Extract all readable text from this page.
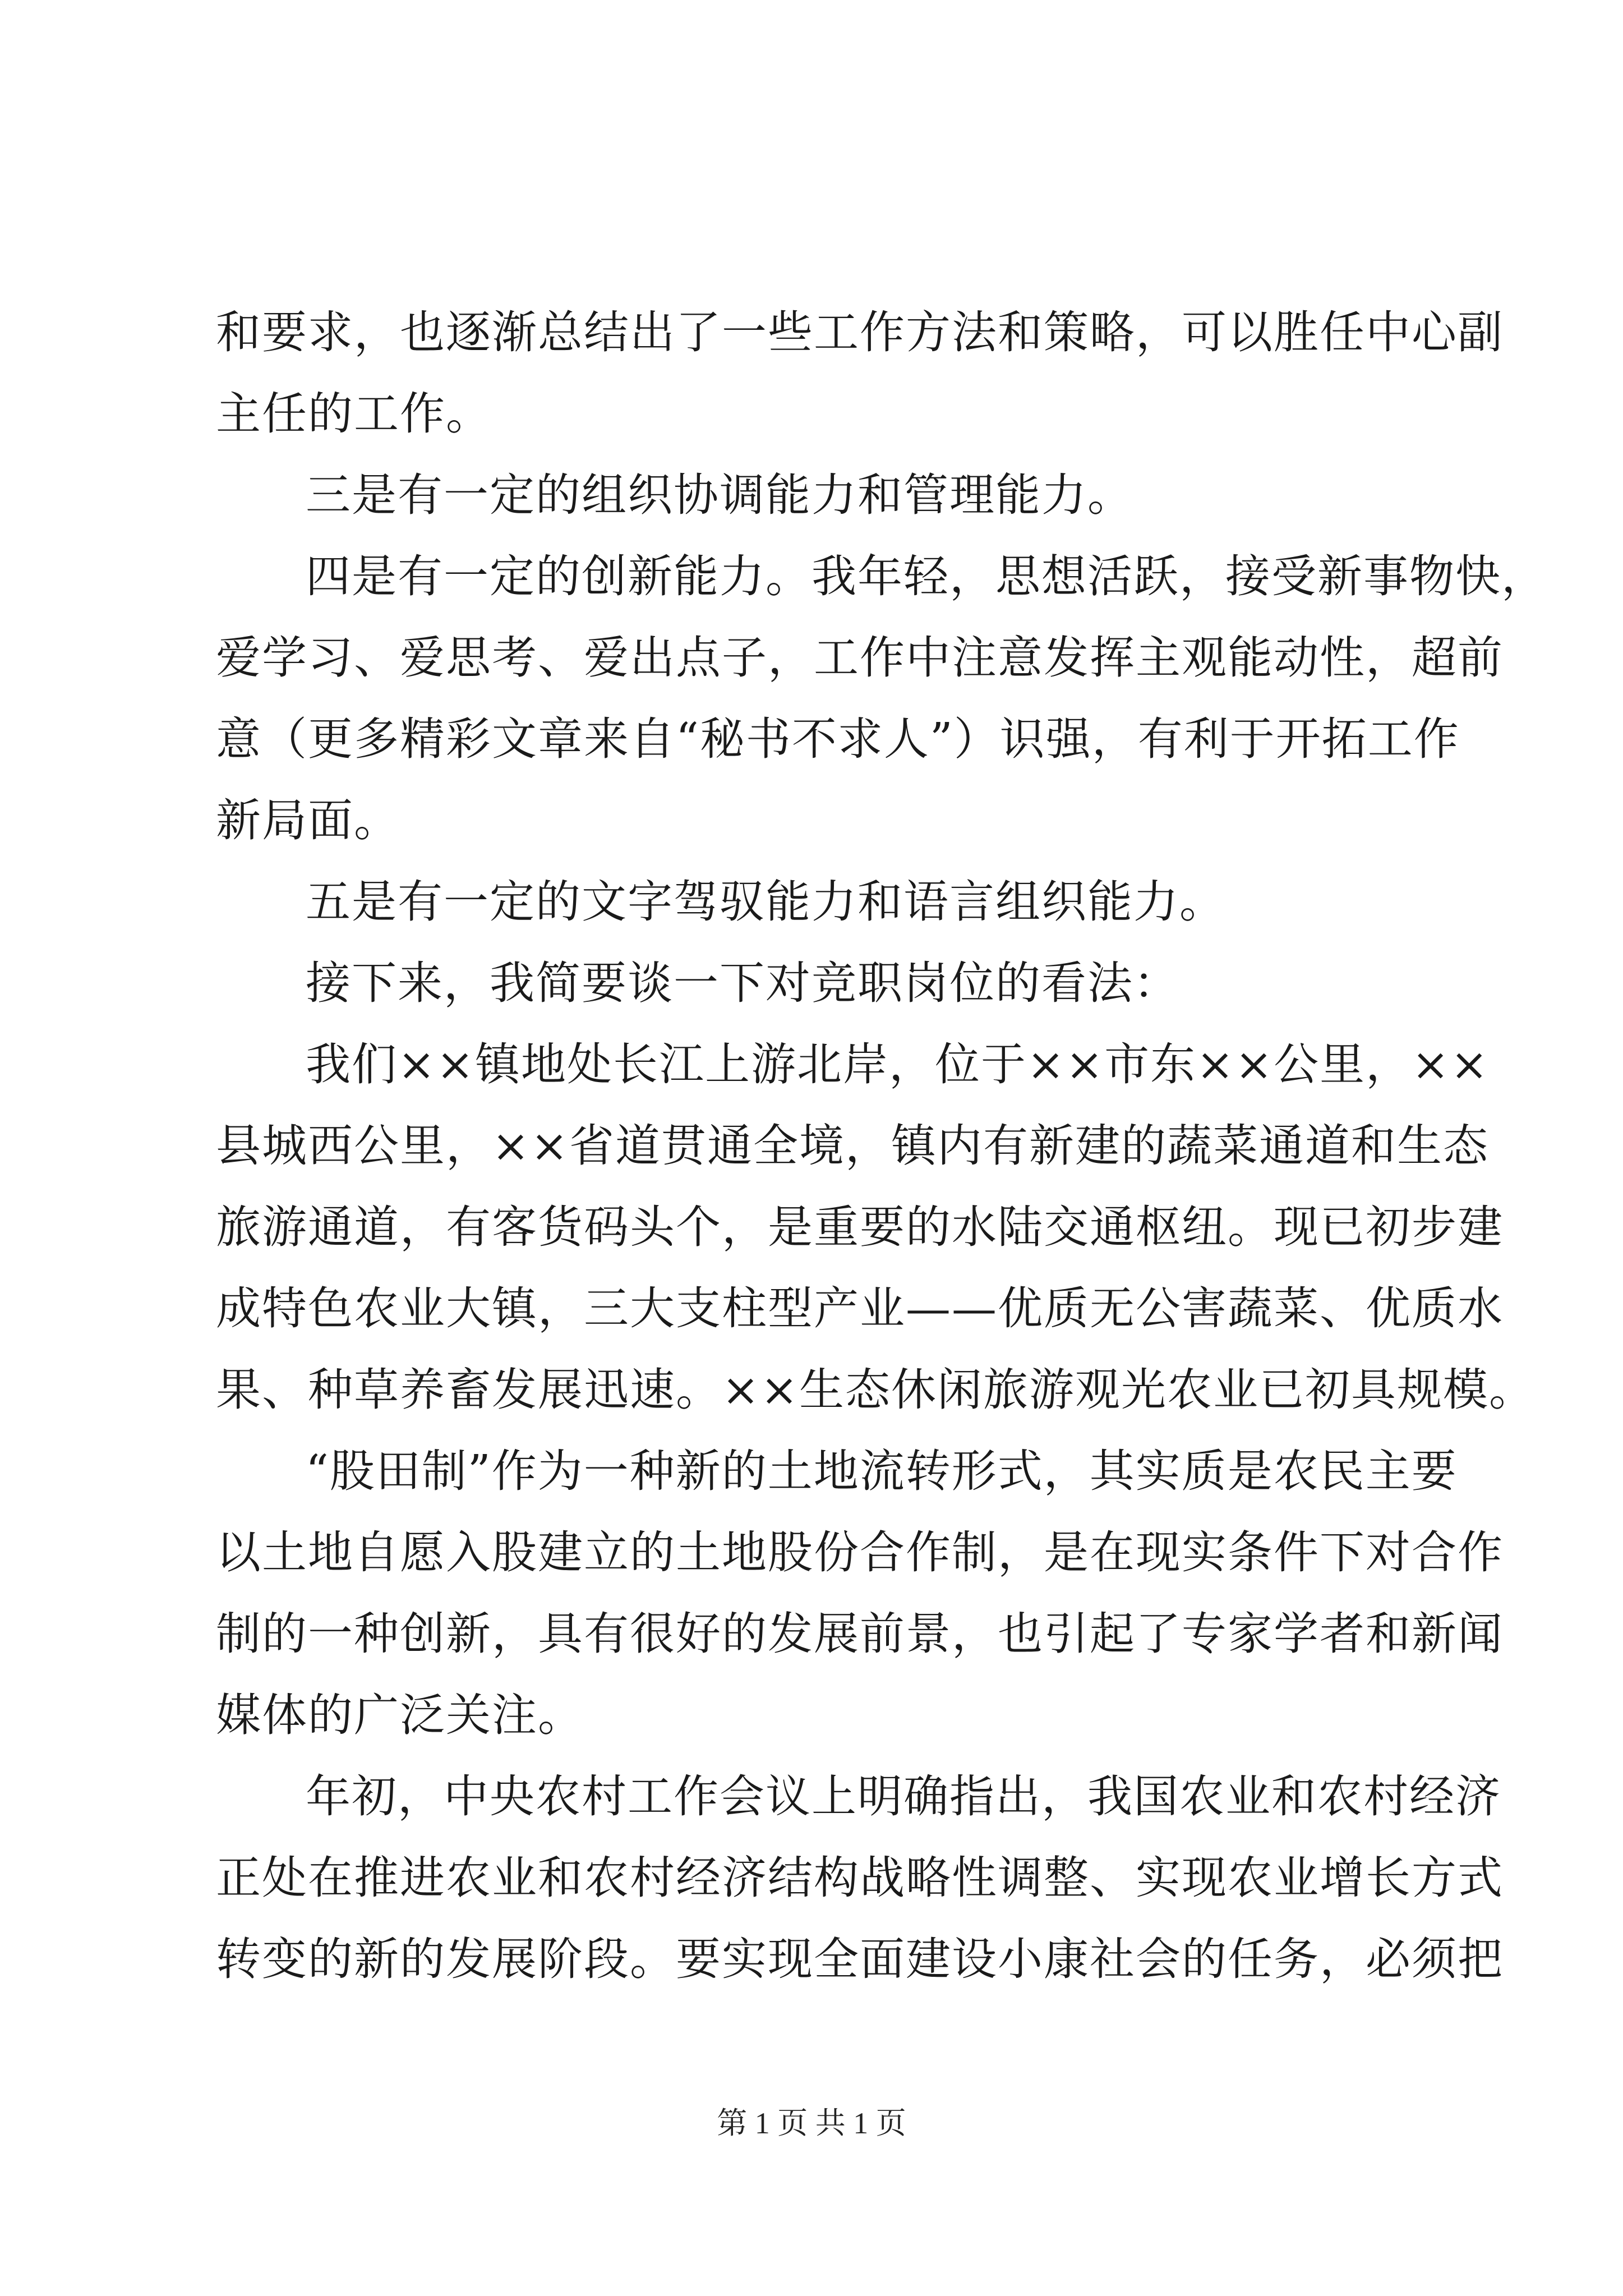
和要求，也逐渐总结出了一些工作方法和策略，可以胜任中心副
主任的工作。
三是有一定的组织协调能力和管理能力。
四是有一定的创新能力。我年轻，思想活跃，接受新事物快，
爱学习、爱思考、爱出点子，工作中注意发挥主观能动性，超前
意（更多精彩文章来自“秘书不求人”）识强，有利于开拓工作
新局面。
五是有一定的文字驾驭能力和语言组织能力。
接下来，我简要谈一下对竞职岗位的看法：
我们××镇地处长江上游北岸，位于××市东××公里，××
县城西公里，××省道贯通全境，镇内有新建的蔬菜通道和生态
旅游通道，有客货码头个，是重要的水陆交通枢纽。现已初步建
成特色农业大镇，三大支柱型产业——优质无公害蔬菜、优质水
果、种草养畜发展迅速。××生态休闲旅游观光农业已初具规模。
“股田制”作为一种新的土地流转形式，其实质是农民主要
以土地自愿入股建立的土地股份合作制，是在现实条件下对合作
制的一种创新，具有很好的发展前景，也引起了专家学者和新闻
媒体的广泛关注。
年初，中央农村工作会议上明确指出，我国农业和农村经济
正处在推进农业和农村经济结构战略性调整、实现农业增长方式
转变的新的发展阶段。要实现全面建设小康社会的任务，必须把
第 1 页 共 1 页
